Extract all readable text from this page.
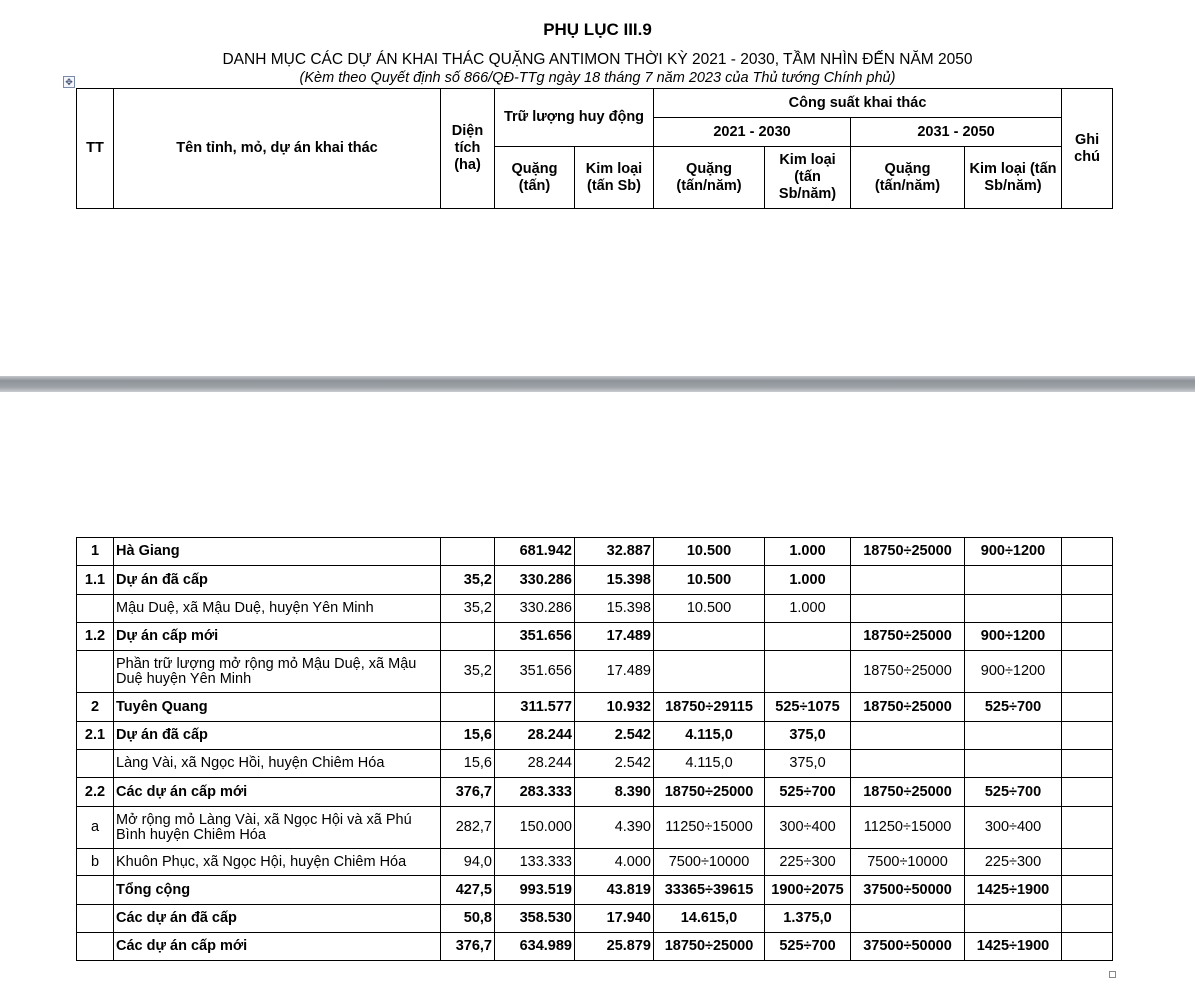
PHỤ LỤC III.9
DANH MỤC CÁC DỰ ÁN KHAI THÁC QUẶNG ANTIMON THỜI KỲ 2021 - 2030, TẦM NHÌN ĐẾN NĂM 2050
(Kèm theo Quyết định số 866/QĐ-TTg ngày 18 tháng 7 năm 2023 của Thủ tướng Chính phủ)
✥
TT	Tên tỉnh, mỏ, dự án khai thác	Diện tích (ha)	Trữ lượng huy động		Công suất khai thác				Ghi chú
					2021 - 2030		2031 - 2050		
			Quặng (tấn)	Kim loại (tấn Sb)	Quặng (tấn/năm)	Kim loại (tấn Sb/năm)	Quặng (tấn/năm)	Kim loại (tấn Sb/năm)	
1	Hà Giang		681.942	32.887	10.500	1.000	18750÷25000	900÷1200	
1.1	Dự án đã cấp	35,2	330.286	15.398	10.500	1.000			
	Mậu Duệ, xã Mậu Duệ, huyện Yên Minh	35,2	330.286	15.398	10.500	1.000			
1.2	Dự án cấp mới		351.656	17.489			18750÷25000	900÷1200	
	Phần trữ lượng mở rộng mỏ Mậu Duệ, xã Mậu Duệ huyện Yên Minh	35,2	351.656	17.489			18750÷25000	900÷1200	
2	Tuyên Quang		311.577	10.932	18750÷29115	525÷1075	18750÷25000	525÷700	
2.1	Dự án đã cấp	15,6	28.244	2.542	4.115,0	375,0			
	Làng Vài, xã Ngọc Hồi, huyện Chiêm Hóa	15,6	28.244	2.542	4.115,0	375,0			
2.2	Các dự án cấp mới	376,7	283.333	8.390	18750÷25000	525÷700	18750÷25000	525÷700	
a	Mở rộng mỏ Làng Vài, xã Ngọc Hội và xã Phú Bình huyện Chiêm Hóa	282,7	150.000	4.390	11250÷15000	300÷400	11250÷15000	300÷400	
b	Khuôn Phục, xã Ngọc Hội, huyện Chiêm Hóa	94,0	133.333	4.000	7500÷10000	225÷300	7500÷10000	225÷300	
	Tổng cộng	427,5	993.519	43.819	33365÷39615	1900÷2075	37500÷50000	1425÷1900	
	Các dự án đã cấp	50,8	358.530	17.940	14.615,0	1.375,0			
	Các dự án cấp mới	376,7	634.989	25.879	18750÷25000	525÷700	37500÷50000	1425÷1900	
